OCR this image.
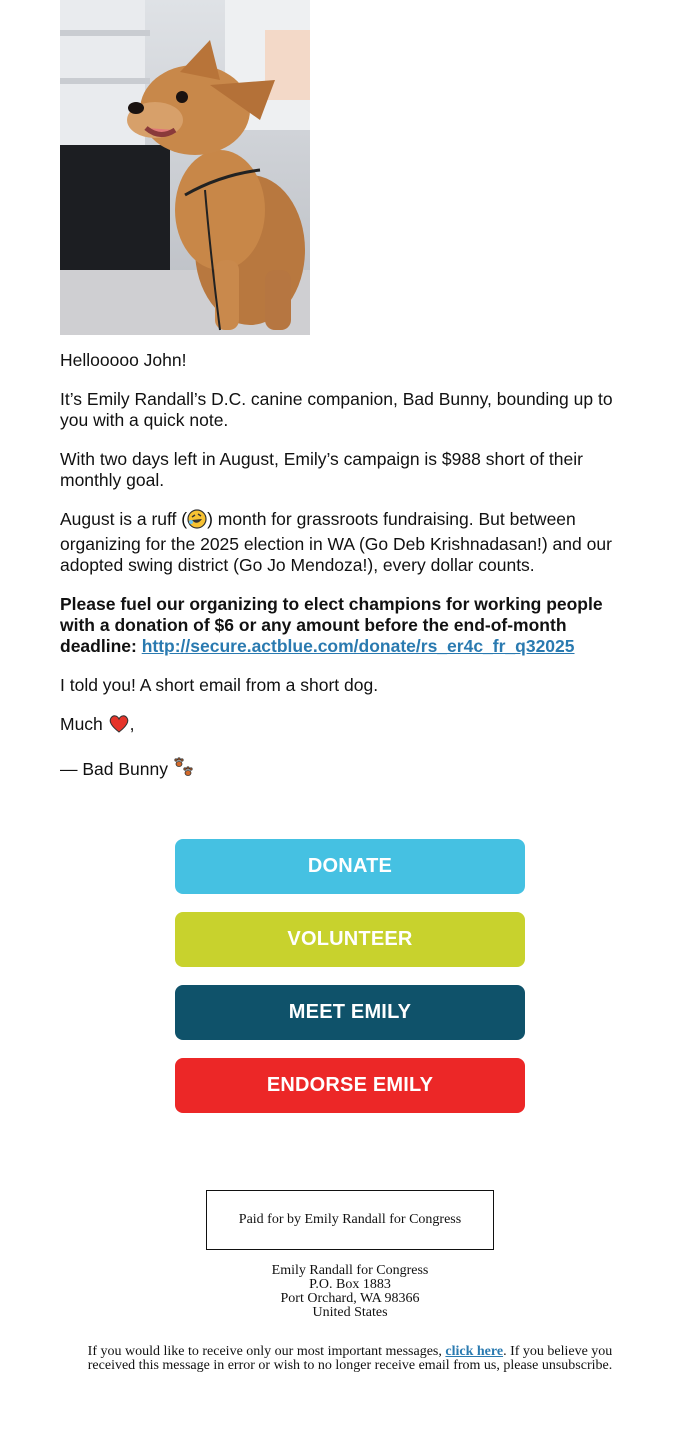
Hellooooo John!

It’s Emily Randall’s D.C. canine companion, Bad Bunny, bounding up to you with a quick note.

With two days left in August, Emily’s campaign is $988 short of their monthly goal.

August is a ruff ( ) month for grassroots fundraising. But between organizing for the 2025 election in WA (Go Deb Krishnadasan!) and our adopted swing district (Go Jo Mendoza!), every dollar counts.

Please fuel our organizing to elect champions for working people with a donation of $6 or any amount before the end-of-month deadline: http://secure.actblue.com/donate/rs_er4c_fr_q32025

I told you! A short email from a short dog.

Much ,

— Bad Bunny

DONATE
VOLUNTEER
MEET EMILY
ENDORSE EMILY
Paid for by Emily Randall for Congress
Emily Randall for Congress
P.O. Box 1883
Port Orchard, WA 98366
United States
If you would like to receive only our most important messages, click here. If you believe you received this message in error or wish to no longer receive email from us, please unsubscribe.
